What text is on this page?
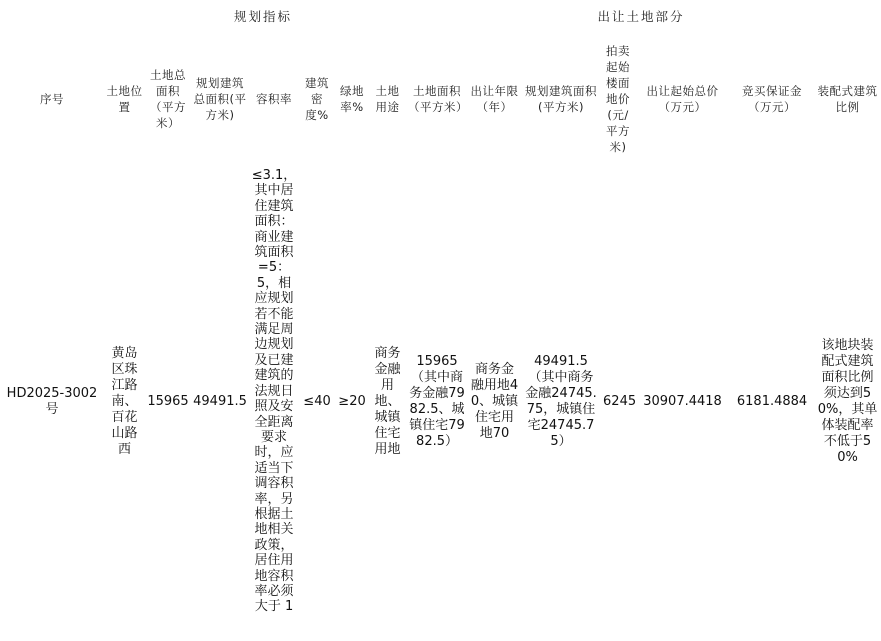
			规划指标						出让土地部分					
序号	土地位置	土地总面积（平方米）	规划建筑总面积(平方米)	容积率	建筑密度%	绿地率%	土地用途	土地面积（平方米）	出让年限（年）	规划建筑面积(平方米)	拍卖起始楼面地价(元/平方米)	出让起始总价（万元）	竞买保证金（万元）	装配式建筑比例
HD2025-3002号	黄岛区珠江路南、百花山路西	15965	49491.5	≤3.1，其中居住建筑面积：商业建筑面积=5：5，相应规划若不能满足周边规划及已建建筑的法规日照及安全距离要求时，应适当下调容积率，另根据土地相关政策，居住用地容积率必须大于 1	≤40	≥20	商务金融用地、城镇住宅用地	15965（其中商务金融7982.5、城镇住宅7982.5）	商务金融用地40、城镇住宅用地70	49491.5（其中商务金融24745.75，城镇住宅24745.75）	6245	30907.4418	6181.4884	该地块装配式建筑面积比例须达到50%，其单体装配率不低于50%
